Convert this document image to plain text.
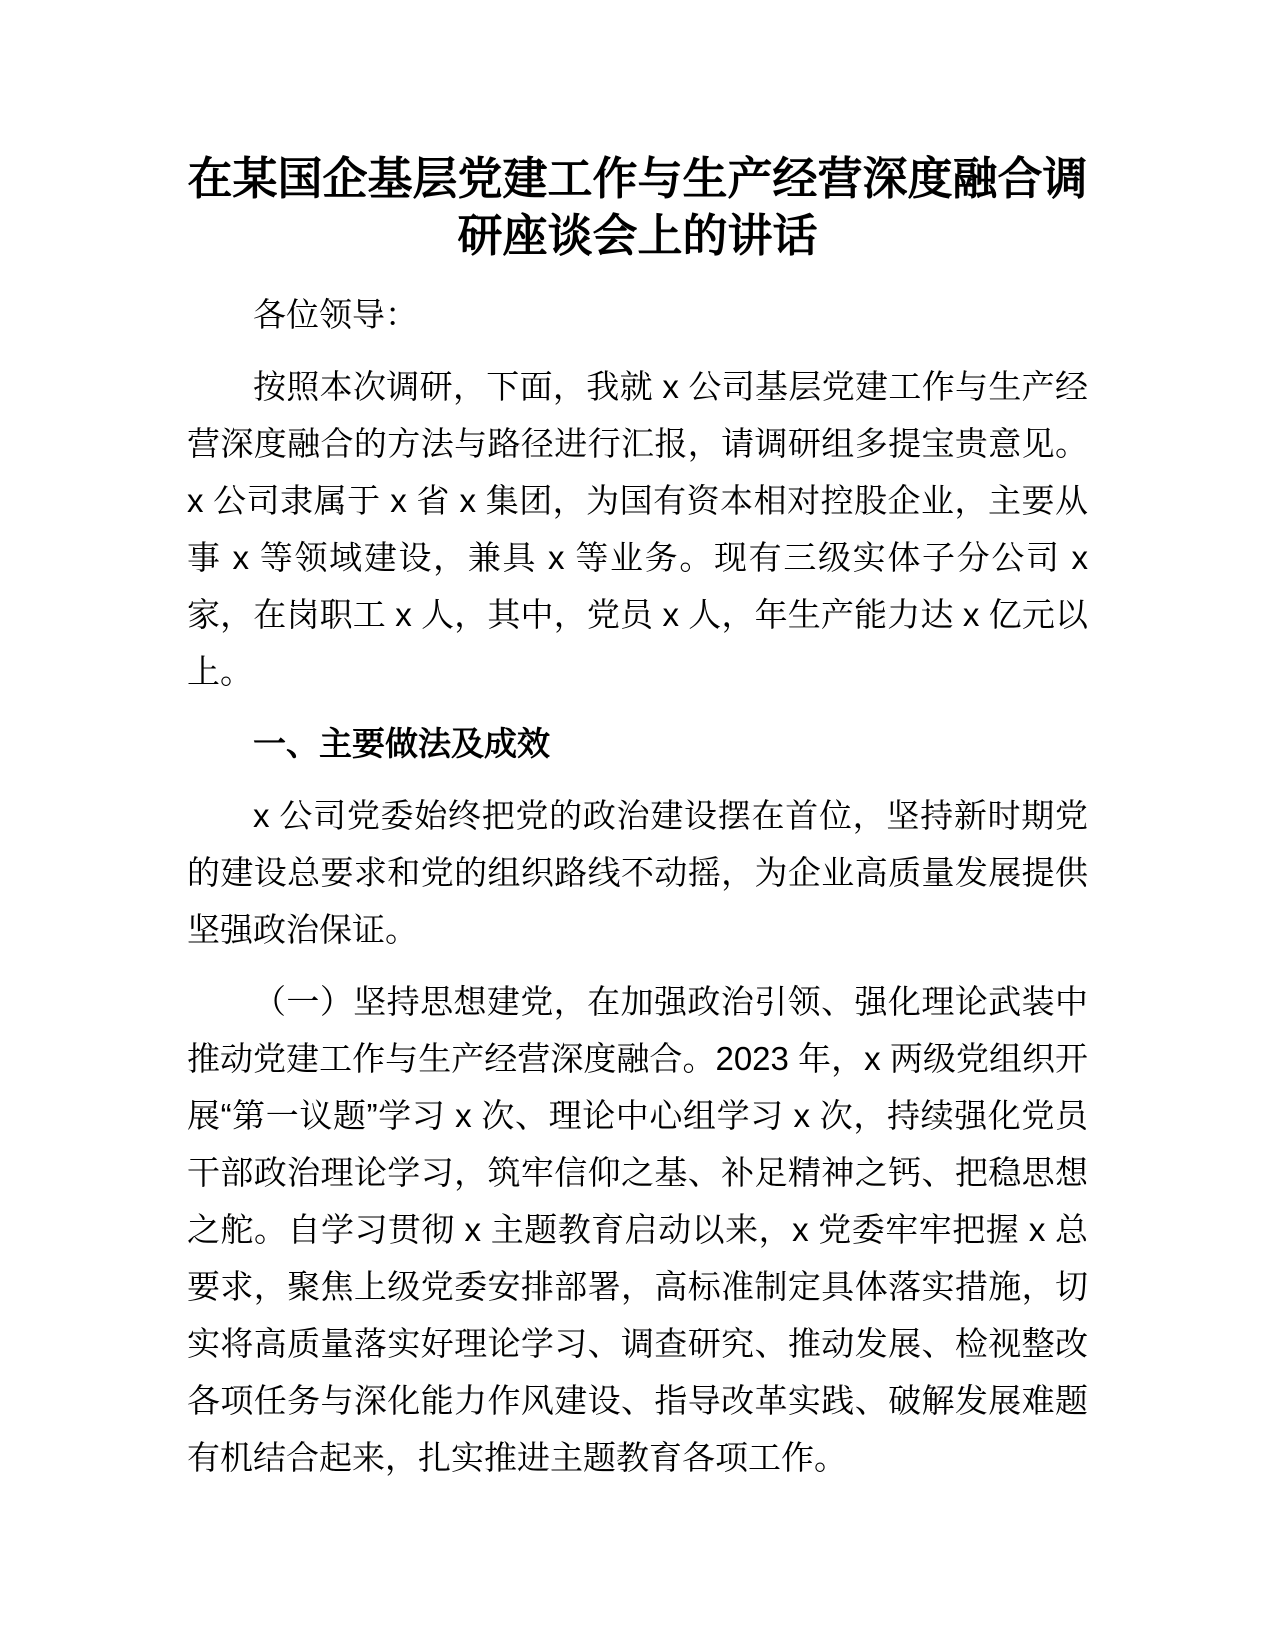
在某国企基层党建工作与生产经营深度融合调
研座谈会上的讲话

各位领导：

按照本次调研，下面，我就 x 公司基层党建工作与生产经营深度融合的方法与路径进行汇报，请调研组多提宝贵意见。x 公司隶属于 x 省 x 集团，为国有资本相对控股企业，主要从事 x 等领域建设，兼具 x 等业务。现有三级实体子分公司 x 家，在岗职工 x 人，其中，党员 x 人，年生产能力达 x 亿元以上。

一、主要做法及成效

x 公司党委始终把党的政治建设摆在首位，坚持新时期党的建设总要求和党的组织路线不动摇，为企业高质量发展提供坚强政治保证。

（一）坚持思想建党，在加强政治引领、强化理论武装中推动党建工作与生产经营深度融合。2023 年，x 两级党组织开展“第一议题”学习 x 次、理论中心组学习 x 次，持续强化党员干部政治理论学习，筑牢信仰之基、补足精神之钙、把稳思想之舵。自学习贯彻 x 主题教育启动以来，x 党委牢牢把握 x 总要求，聚焦上级党委安排部署，高标准制定具体落实措施，切实将高质量落实好理论学习、调查研究、推动发展、检视整改各项任务与深化能力作风建设、指导改革实践、破解发展难题有机结合起来，扎实推进主题教育各项工作。
